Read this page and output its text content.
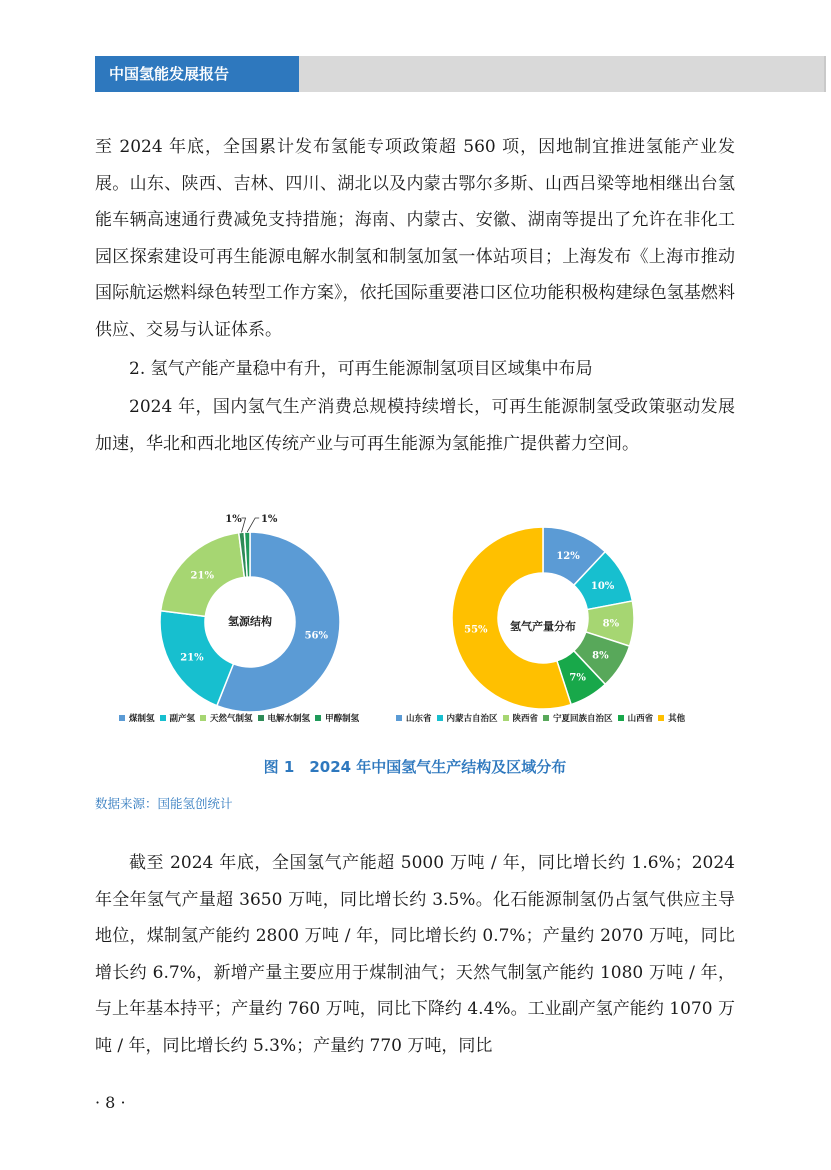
中国氢能发展报告

至 2024 年底，全国累计发布氢能专项政策超 560 项，因地制宜推进氢能产业发展。山东、陕西、吉林、四川、湖北以及内蒙古鄂尔多斯、山西吕梁等地相继出台氢能车辆高速通行费减免支持措施；海南、内蒙古、安徽、湖南等提出了允许在非化工园区探索建设可再生能源电解水制氢和制氢加氢一体站项目；上海发布《上海市推动国际航运燃料绿色转型工作方案》，依托国际重要港口区位功能积极构建绿色氢基燃料供应、交易与认证体系。

2. 氢气产能产量稳中有升，可再生能源制氢项目区域集中布局

2024 年，国内氢气生产消费总规模持续增长，可再生能源制氢受政策驱动发展加速，华北和西北地区传统产业与可再生能源为氢能推广提供蓄力空间。

56%
21%
21%
1% 1%
氢源结构
12%
10%
8%
8%
7%
55% 氢气产量分布
煤制氢 副产氢 天然气制氢 电解水制氢 甲醇制氢	山东省 内蒙古自治区 陕西省 宁夏回族自治区 山西省 其他
图 1　2024 年中国氢气生产结构及区域分布
数据来源：国能氢创统计

截至 2024 年底，全国氢气产能超 5000 万吨 / 年，同比增长约 1.6%；2024 年全年氢气产量超 3650 万吨，同比增长约 3.5%。化石能源制氢仍占氢气供应主导地位，煤制氢产能约 2800 万吨 / 年，同比增长约 0.7%；产量约 2070 万吨，同比增长约 6.7%，新增产量主要应用于煤制油气；天然气制氢产能约 1080 万吨 / 年，与上年基本持平；产量约 760 万吨，同比下降约 4.4%。工业副产氢产能约 1070 万吨 / 年，同比增长约 5.3%；产量约 770 万吨，同比

· 8 ·
